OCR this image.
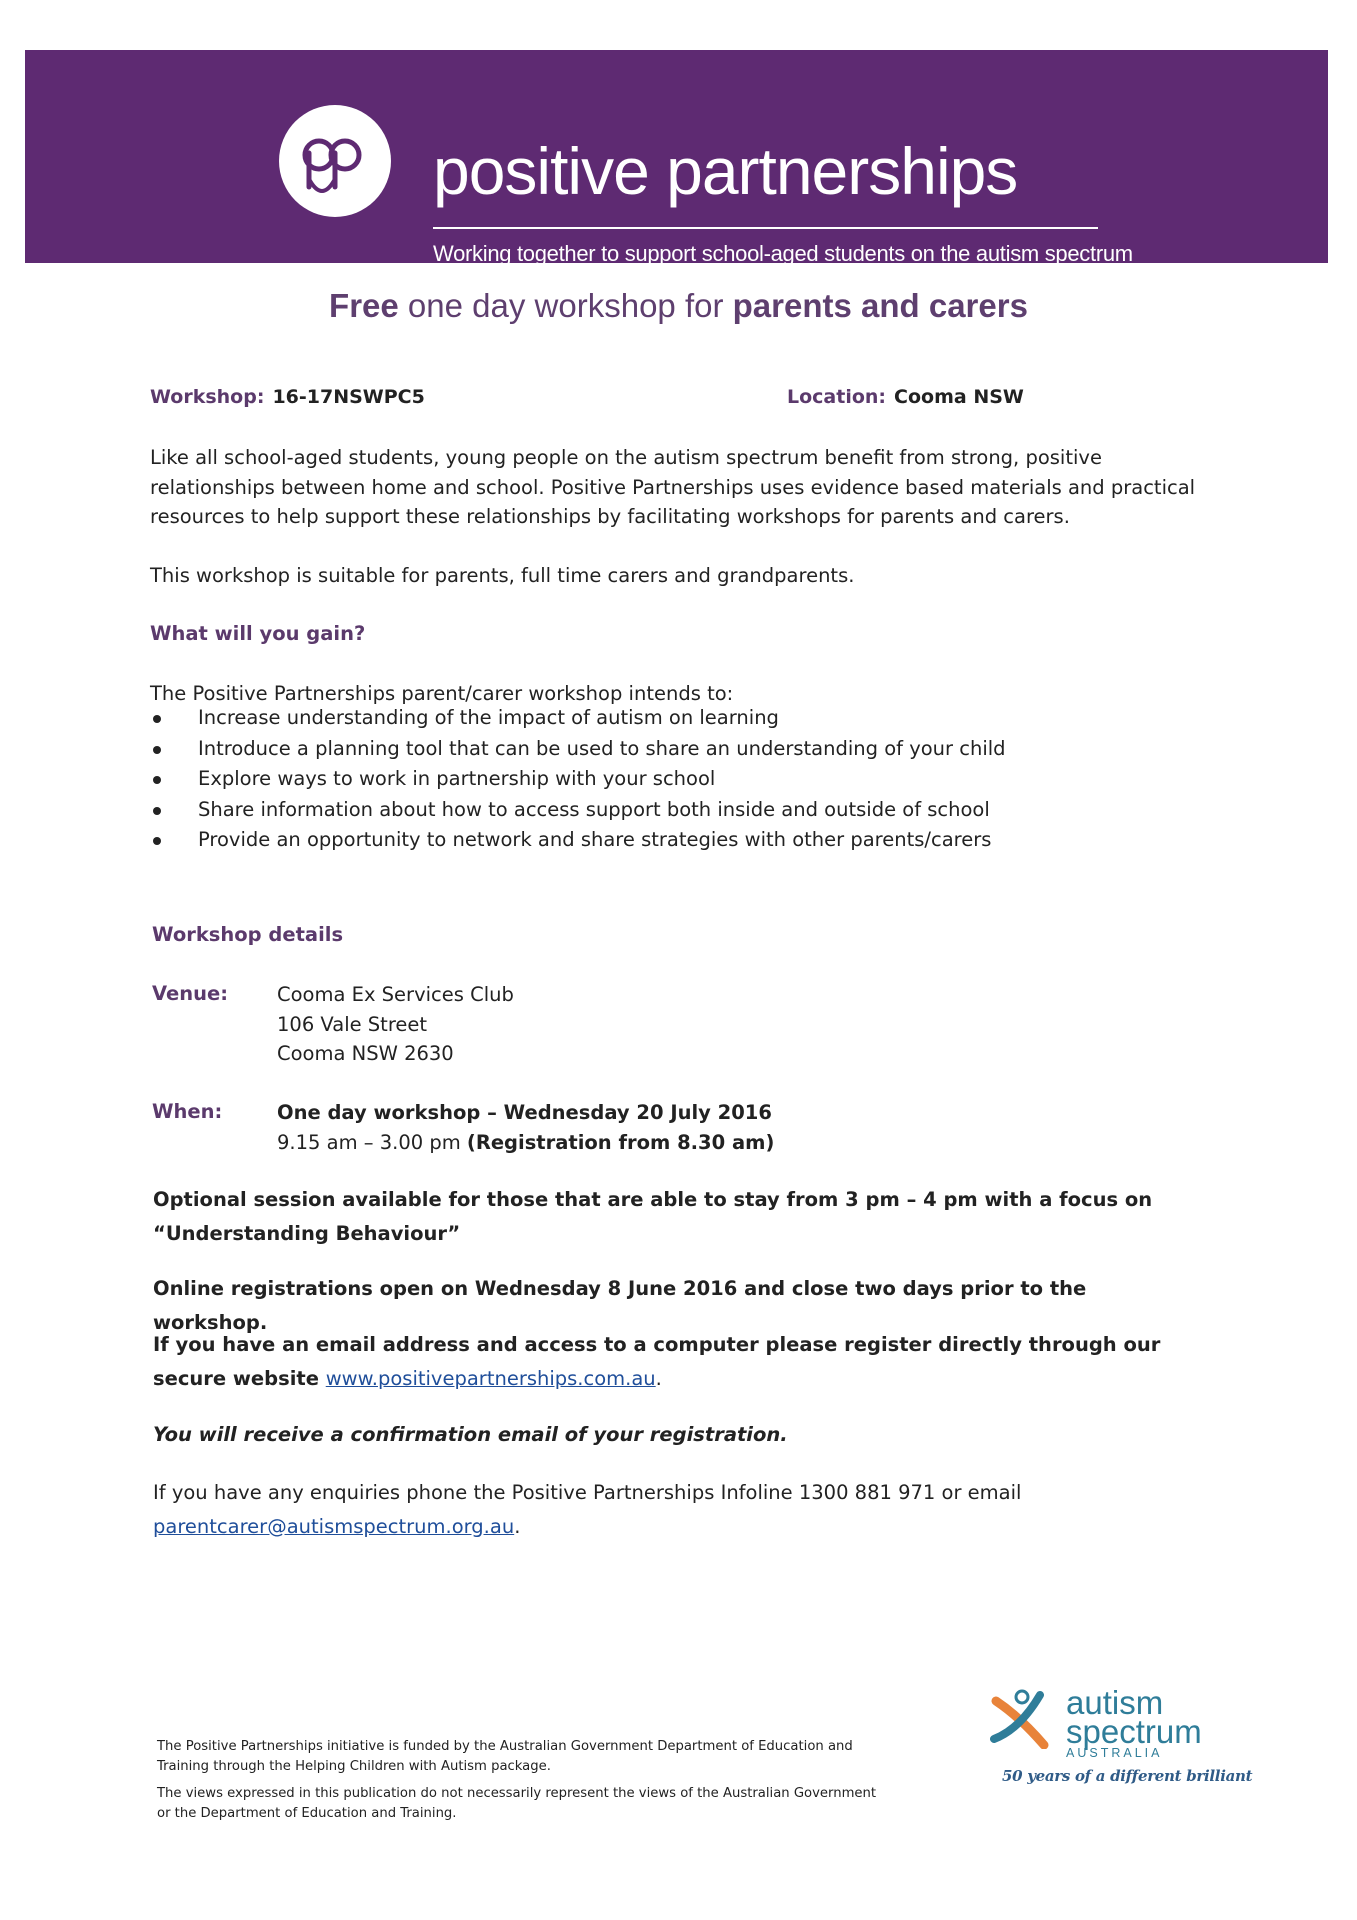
positive partnerships
Working together to support school-aged students on the autism spectrum
Free one day workshop for parents and carers
Workshop: 16-17NSWPC5	Location: Cooma NSW

Like all school-aged students, young people on the autism spectrum benefit from strong, positive relationships between home and school. Positive Partnerships uses evidence based materials and practical resources to help support these relationships by facilitating workshops for parents and carers.

This workshop is suitable for parents, full time carers and grandparents.

What will you gain?
The Positive Partnerships parent/carer workshop intends to:
Increase understanding of the impact of autism on learning
Introduce a planning tool that can be used to share an understanding of your child
Explore ways to work in partnership with your school
Share information about how to access support both inside and outside of school
Provide an opportunity to network and share strategies with other parents/carers
Workshop details
Venue:	Cooma Ex Services Club
106 Vale Street
Cooma NSW 2630
When:	One day workshop – Wednesday 20 July 2016
9.15 am – 3.00 pm (Registration from 8.30 am)

Optional session available for those that are able to stay from 3 pm – 4 pm with a focus on “Understanding Behaviour”

Online registrations open on Wednesday 8 June 2016 and close two days prior to the workshop.

If you have an email address and access to a computer please register directly through our secure website www.positivepartnerships.com.au.

You will receive a confirmation email of your registration.
If you have any enquiries phone the Positive Partnerships Infoline 1300 881 971 or email
parentcarer@autismspectrum.org.au.
The Positive Partnerships initiative is funded by the Australian Government Department of Education and Training through the Helping Children with Autism package.
The views expressed in this publication do not necessarily represent the views of the Australian Government or the Department of Education and Training.
autism
spectrum
AUSTRALIA
50 years of a different brilliant
